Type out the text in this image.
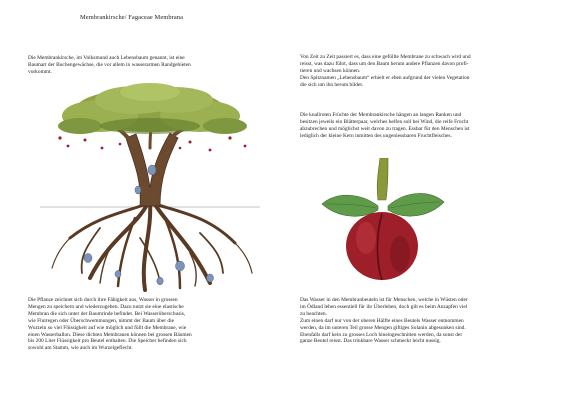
Membrankirsche/ Fagaceae Membrana

Die Membrankirsche, im Volksmund auch Lebensbaum genannt, ist eine

Baumart der Buchengewächse, die vor allem in wasserarmen Randgebieten

vorkommt.

Die Pflanze zeichnet sich durch ihre Fähigkeit aus, Wasser in grossen

Mengen zu speichern und wiederzugeben. Dazu nutzt sie eine elastische

Membran die sich unter der Baumrinde befindet. Bei Wasserüberschusis,

wie Flutregen oder Überschwemmungen, nimmt der Baum über die

Wurzeln so viel Flüssigkeit auf wie möglich und füllt die Membrane, wie

einen Wasserballon. Diese dichten Membranen können bei grossen Bäumen

bis 200 Liter Flüssigkeit pro Beutel enthalten. Die Speicher befinden sich

sowohl am Stamm, wie auch im Wurzelgeflecht.

Von Zeit zu Zeit passiert es, dass eine gefüllte Membrane zu schwach wird und

reisst, was dazu führt, dass um den Baum herum andere Pflanzen davon profi-

tieren und wachsen können.

Den Spitznamen „Lebensbaum“ erhielt er eben aufgrund der vielen Vegetation

die sich um ihn herum bildet.

Die knallroten Früchte der Membrankirsche hängen an langen Ranken und

besitzen jeweils ein Blätterpaar, welches helfen soll bei Wind, die reife Frucht

abzubrechen und möglichst weit davon zu tragen. Essbar für den Menschen ist

lediglich der kleine Kern inmitten des ungeniessbaren Fruchtfleisches.

Das Wasser in den Membranbeuteln ist für Menschen, welche in Wüsten oder

im Ödland leben essentiell für ihr Überleben, doch gilt es beim Anzapfen viel

zu beachten.

Zum einen darf nur von der oberen Hälfte eines Beutels Wasser entnommen

werden, da im unteren Teil grosse Mengen giftiges Solanin abgesunken sind.

Ebenfalls darf kein zu grosses Loch hineingeschnitten werden, da sonst der

ganze Beutel reisst. Das trinkbare Wasser schmeckt leicht nussig.
